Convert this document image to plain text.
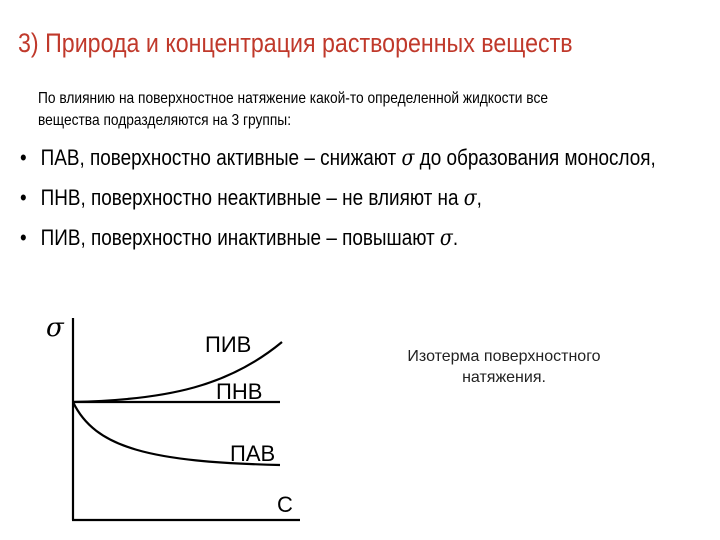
3) Природа и концентрация растворенных веществ
По влиянию на поверхностное натяжение какой-то определенной жидкости все
вещества подразделяются на 3 группы:
• ПАВ, поверхностно активные – снижают σ до образования монослоя,
• ПНВ, поверхностно неактивные – не влияют на σ,
• ПИВ, поверхностно инактивные – повышают σ.
σ
С
ПИВ
ПНВ
ПАВ
Изотерма поверхностного
натяжения.
